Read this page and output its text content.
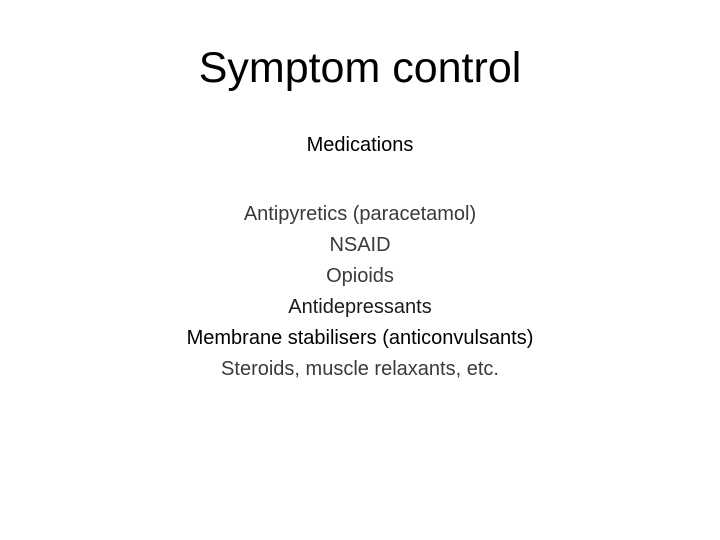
Symptom control
Medications
Antipyretics (paracetamol)
NSAID
Opioids
Antidepressants
Membrane stabilisers (anticonvulsants)
Steroids, muscle relaxants, etc.
